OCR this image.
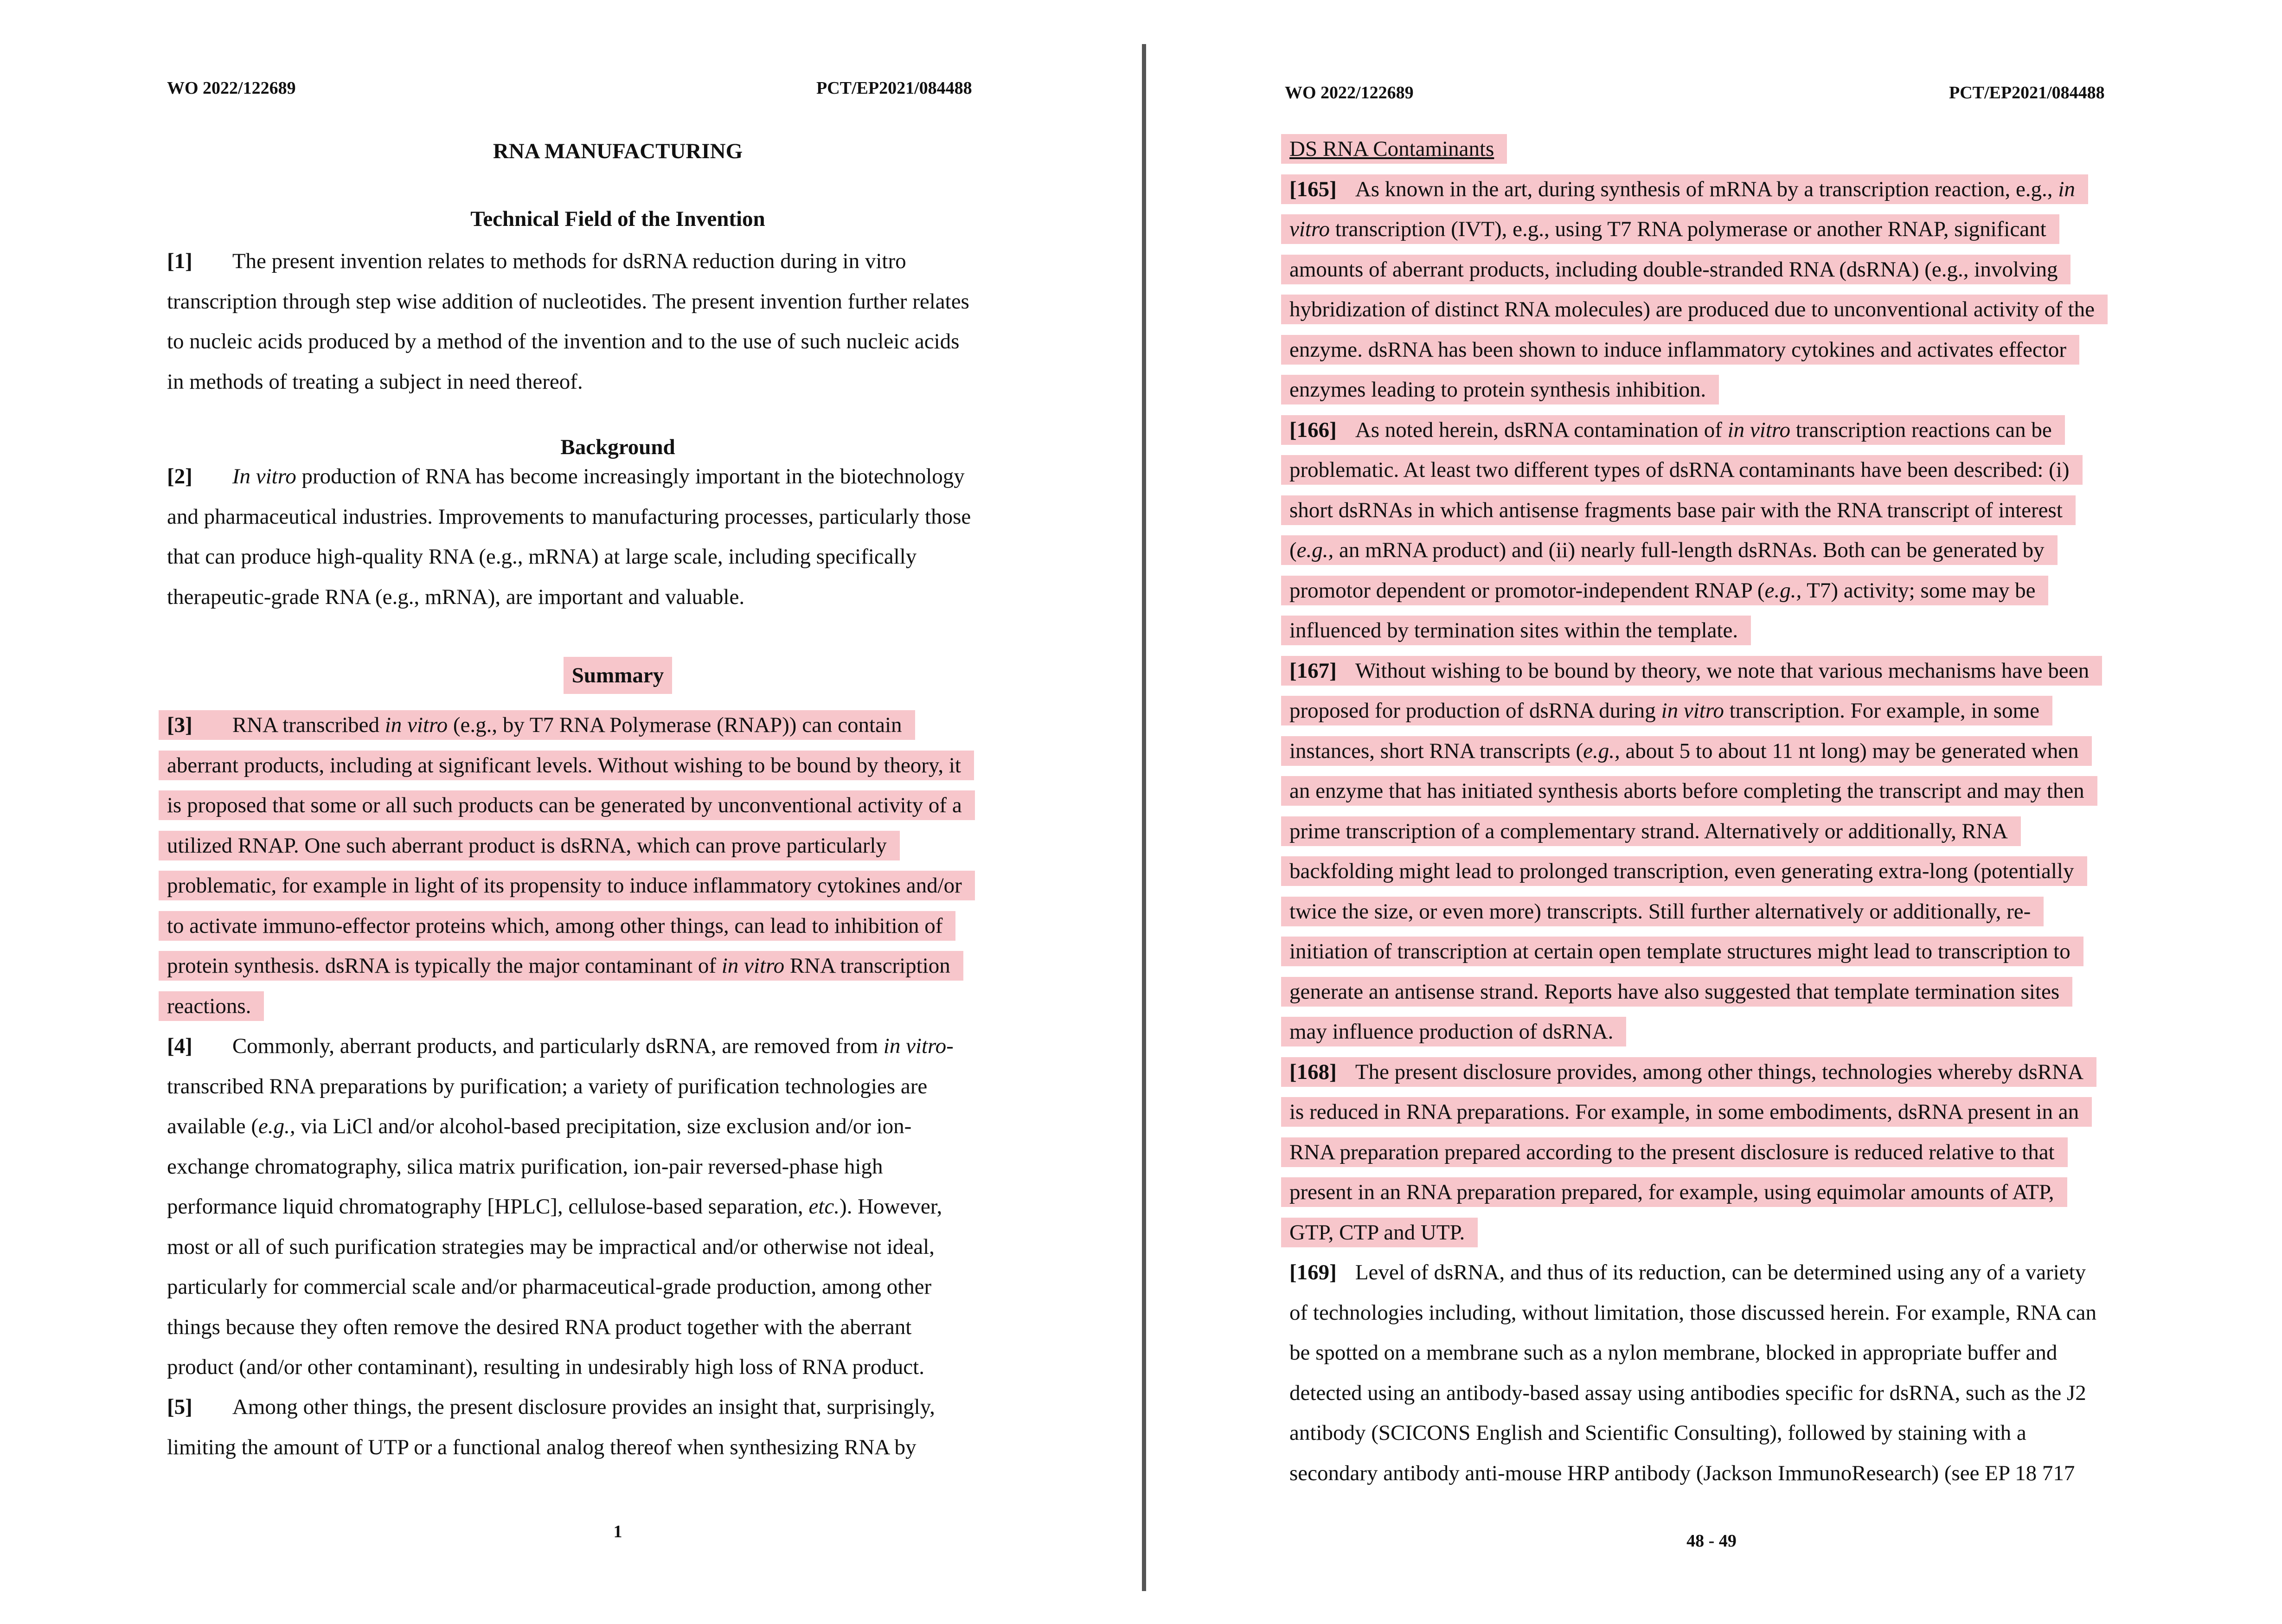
WO 2022/122689	PCT/EP2021/084488
RNA MANUFACTURING
Technical Field of the Invention
[1] The present invention relates to methods for dsRNA reduction during in vitro
transcription through step wise addition of nucleotides. The present invention further relates
to nucleic acids produced by a method of the invention and to the use of such nucleic acids
in methods of treating a subject in need thereof.
Background
[2] In vitro production of RNA has become increasingly important in the biotechnology
and pharmaceutical industries. Improvements to manufacturing processes, particularly those
that can produce high-quality RNA (e.g., mRNA) at large scale, including specifically
therapeutic-grade RNA (e.g., mRNA), are important and valuable.
Summary
[3] RNA transcribed in vitro (e.g., by T7 RNA Polymerase (RNAP)) can contain
aberrant products, including at significant levels. Without wishing to be bound by theory, it
is proposed that some or all such products can be generated by unconventional activity of a
utilized RNAP. One such aberrant product is dsRNA, which can prove particularly
problematic, for example in light of its propensity to induce inflammatory cytokines and/or
to activate immuno-effector proteins which, among other things, can lead to inhibition of
protein synthesis. dsRNA is typically the major contaminant of in vitro RNA transcription
reactions.
[4] Commonly, aberrant products, and particularly dsRNA, are removed from in vitro-
transcribed RNA preparations by purification; a variety of purification technologies are
available (e.g., via LiCl and/or alcohol-based precipitation, size exclusion and/or ion-
exchange chromatography, silica matrix purification, ion-pair reversed-phase high
performance liquid chromatography [HPLC], cellulose-based separation, etc.). However,
most or all of such purification strategies may be impractical and/or otherwise not ideal,
particularly for commercial scale and/or pharmaceutical-grade production, among other
things because they often remove the desired RNA product together with the aberrant
product (and/or other contaminant), resulting in undesirably high loss of RNA product.
[5] Among other things, the present disclosure provides an insight that, surprisingly,
limiting the amount of UTP or a functional analog thereof when synthesizing RNA by
1
WO 2022/122689	PCT/EP2021/084488
DS RNA Contaminants
[165] As known in the art, during synthesis of mRNA by a transcription reaction, e.g., in
vitro transcription (IVT), e.g., using T7 RNA polymerase or another RNAP, significant
amounts of aberrant products, including double-stranded RNA (dsRNA) (e.g., involving
hybridization of distinct RNA molecules) are produced due to unconventional activity of the
enzyme. dsRNA has been shown to induce inflammatory cytokines and activates effector
enzymes leading to protein synthesis inhibition.
[166] As noted herein, dsRNA contamination of in vitro transcription reactions can be
problematic. At least two different types of dsRNA contaminants have been described: (i)
short dsRNAs in which antisense fragments base pair with the RNA transcript of interest
(e.g., an mRNA product) and (ii) nearly full-length dsRNAs. Both can be generated by
promotor dependent or promotor-independent RNAP (e.g., T7) activity; some may be
influenced by termination sites within the template.
[167] Without wishing to be bound by theory, we note that various mechanisms have been
proposed for production of dsRNA during in vitro transcription. For example, in some
instances, short RNA transcripts (e.g., about 5 to about 11 nt long) may be generated when
an enzyme that has initiated synthesis aborts before completing the transcript and may then
prime transcription of a complementary strand. Alternatively or additionally, RNA
backfolding might lead to prolonged transcription, even generating extra-long (potentially
twice the size, or even more) transcripts. Still further alternatively or additionally, re-
initiation of transcription at certain open template structures might lead to transcription to
generate an antisense strand. Reports have also suggested that template termination sites
may influence production of dsRNA.
[168] The present disclosure provides, among other things, technologies whereby dsRNA
is reduced in RNA preparations. For example, in some embodiments, dsRNA present in an
RNA preparation prepared according to the present disclosure is reduced relative to that
present in an RNA preparation prepared, for example, using equimolar amounts of ATP,
GTP, CTP and UTP.
[169] Level of dsRNA, and thus of its reduction, can be determined using any of a variety
of technologies including, without limitation, those discussed herein. For example, RNA can
be spotted on a membrane such as a nylon membrane, blocked in appropriate buffer and
detected using an antibody-based assay using antibodies specific for dsRNA, such as the J2
antibody (SCICONS English and Scientific Consulting), followed by staining with a
secondary antibody anti-mouse HRP antibody (Jackson ImmunoResearch) (see EP 18 717
48 - 49
